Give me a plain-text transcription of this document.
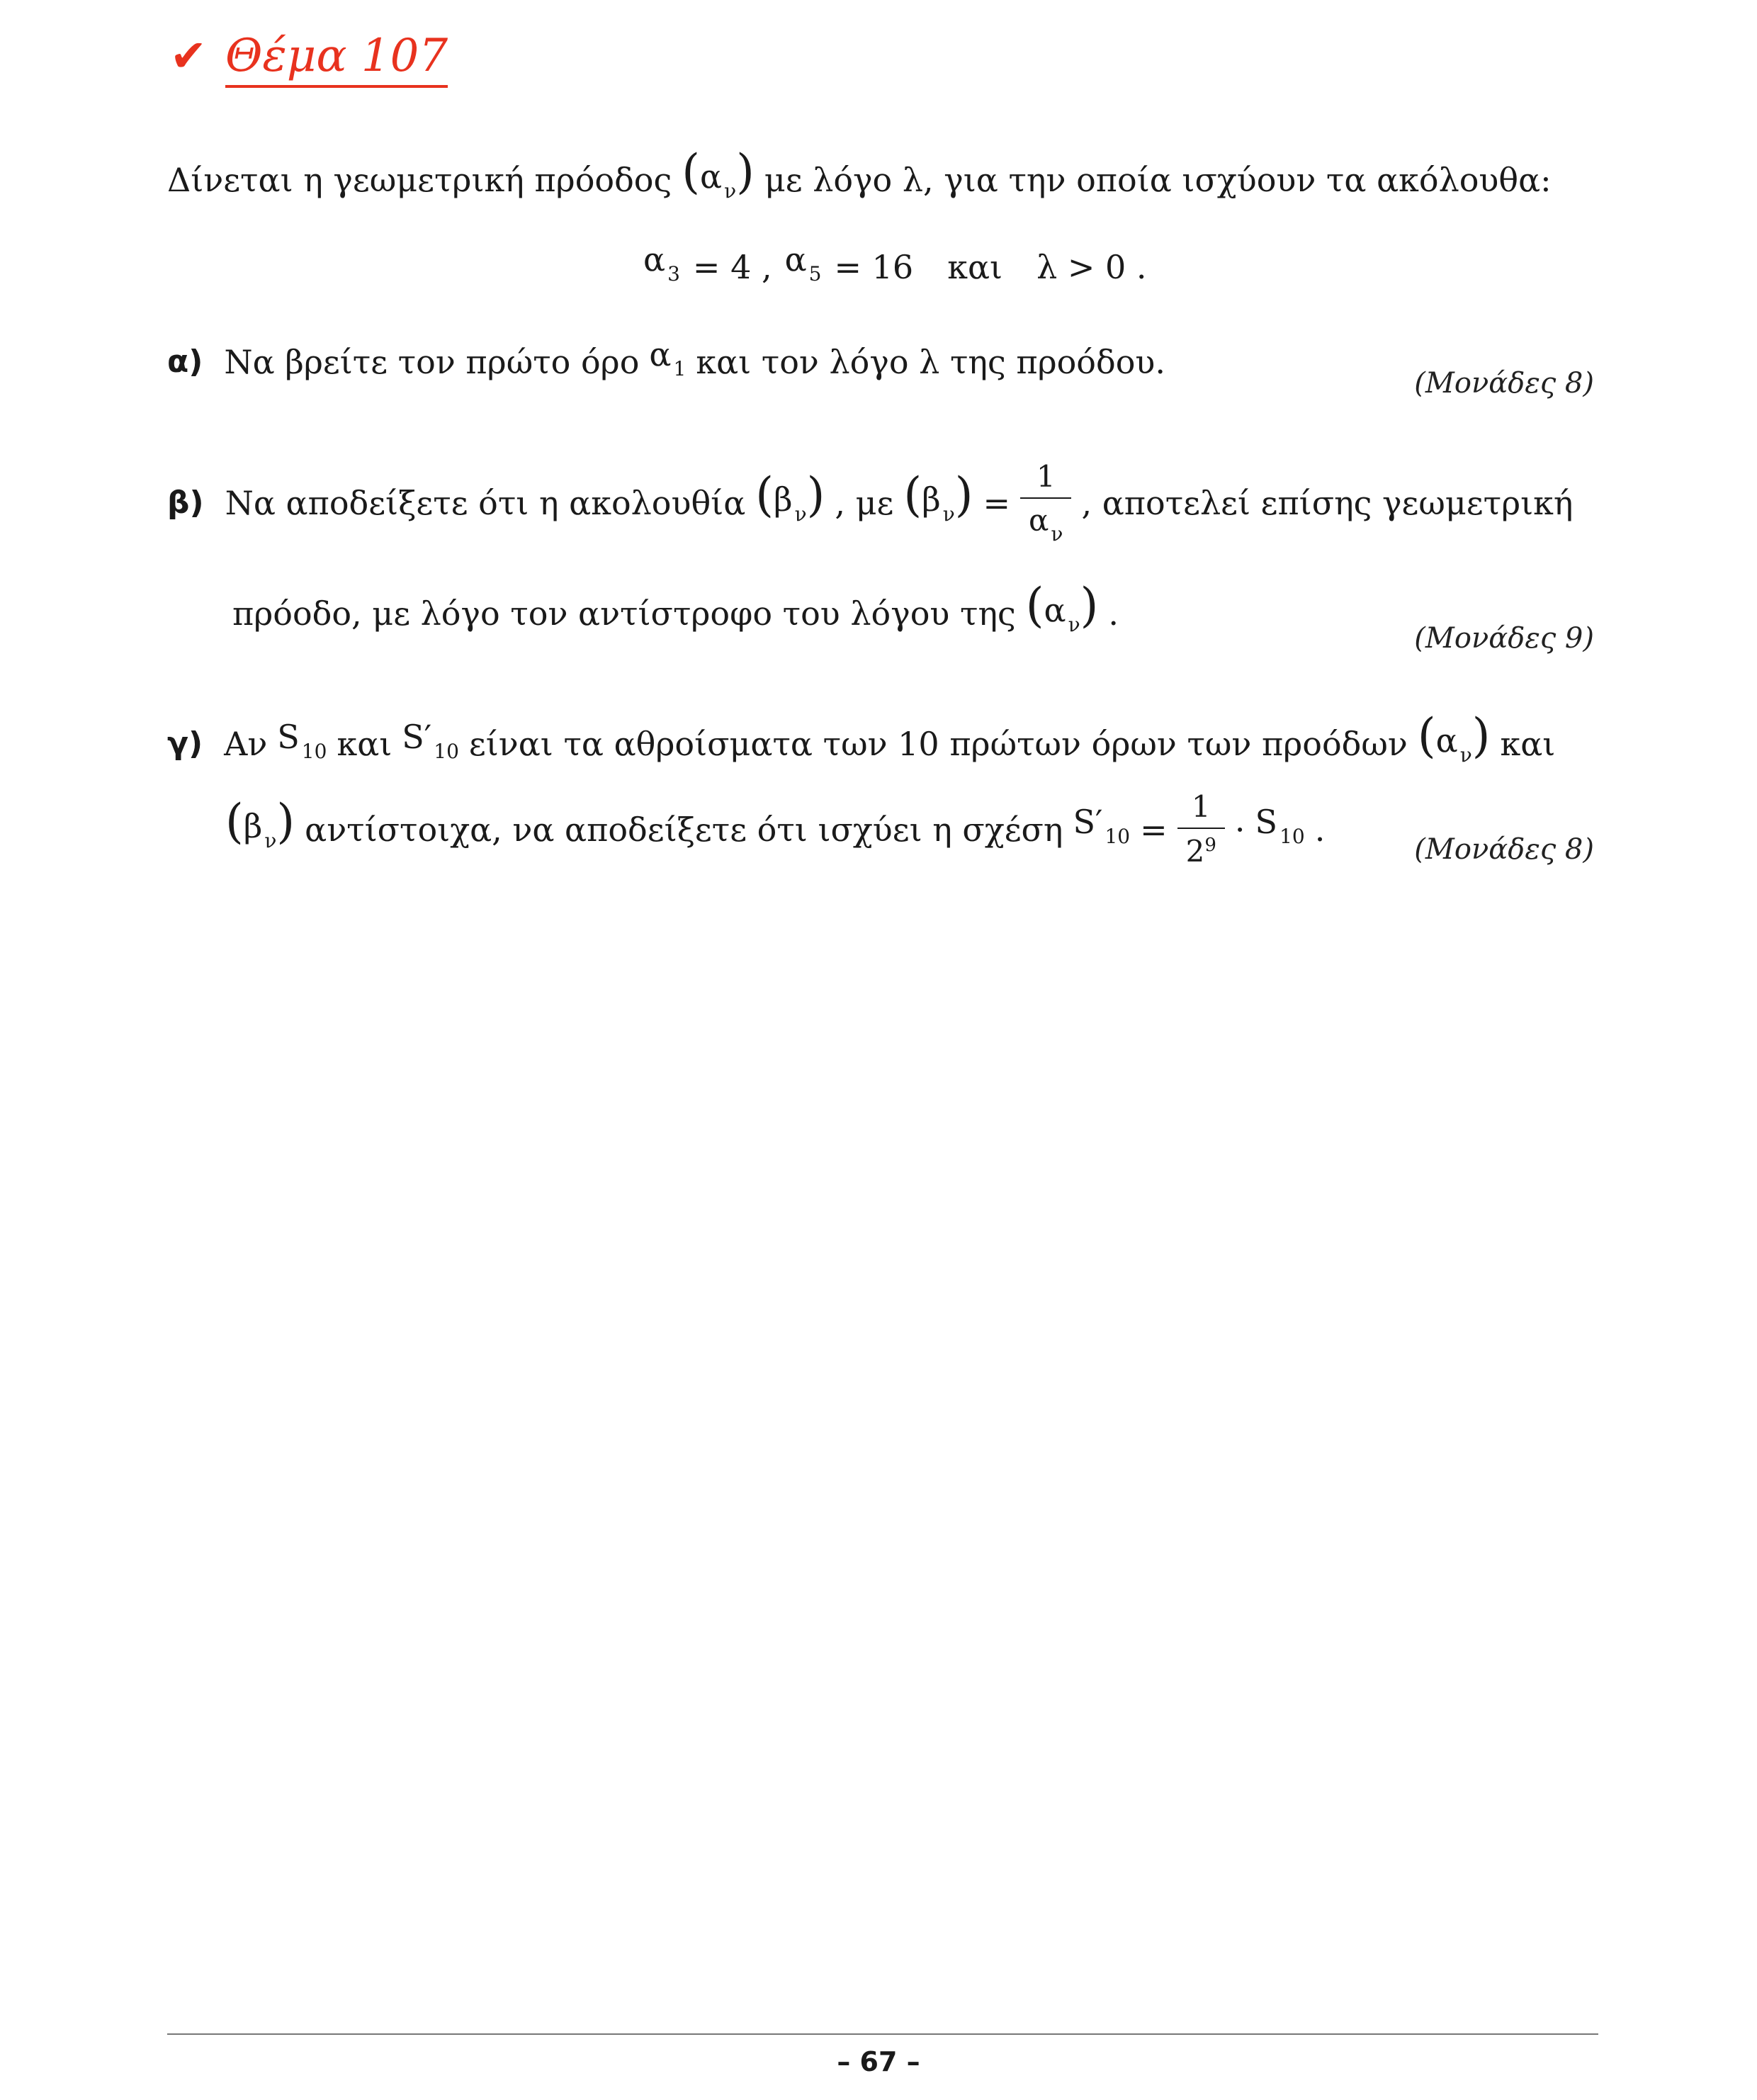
✔ Θέμα 107
Δίνεται η γεωμετρική πρόοδος (α $_\nu$) με λόγο λ, για την οποία ισχύουν τα ακόλουθα:
α $_3$ = 4 , α $_5$ = 16 και λ > 0 .
α) Να βρείτε τον πρώτο όρο α $_1$ και τον λόγο λ της προόδου.
(Μονάδες 8)
β) Να αποδείξετε ότι η ακολουθία (β $_\nu$) , με (β $_\nu) = \frac{1}{\alpha _\nu}$ , αποτελεί επίσης γεωμετρική
πρόοδο, με λόγο τον αντίστροφο του λόγου της (α $_\nu$) .
(Μονάδες 9)
γ) Αν S $_{10}$ και S′ $_{10}$ είναι τα αθροίσματα των 10 πρώτων όρων των προόδων (α $_\nu$) και
(β $_\nu$) αντίστοιχα, να αποδείξετε ότι ισχύει η σχέση S′ $_{10} = \frac{1}{2^9} \cdot S$ $_{10}$ .
(Μονάδες 8)
– 67 –
